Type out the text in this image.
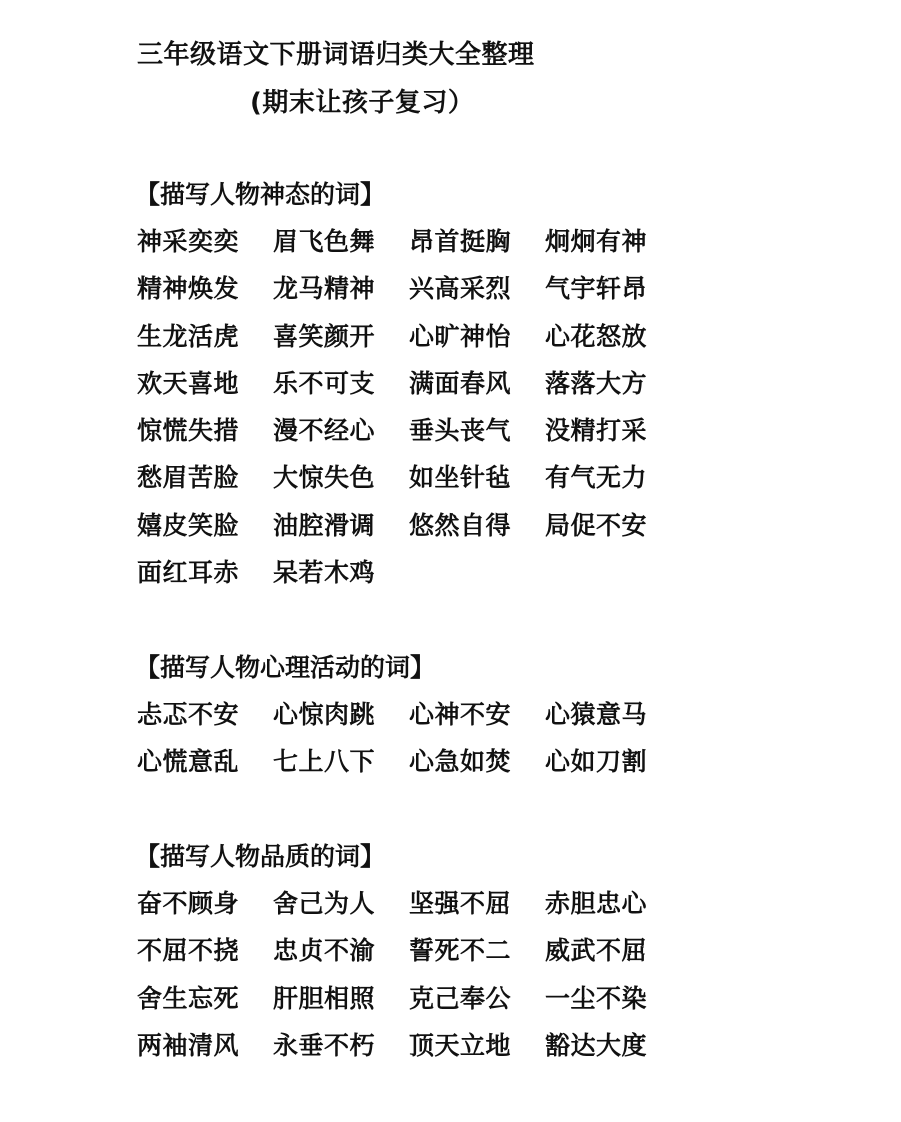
三年级语文下册词语归类大全整理
(期末让孩子复习）
【描写人物神态的词】
神采奕奕	眉飞色舞	昂首挺胸	炯炯有神
精神焕发	龙马精神	兴高采烈	气宇轩昂
生龙活虎	喜笑颜开	心旷神怡	心花怒放
欢天喜地	乐不可支	满面春风	落落大方
惊慌失措	漫不经心	垂头丧气	没精打采
愁眉苦脸	大惊失色	如坐针毡	有气无力
嬉皮笑脸	油腔滑调	悠然自得	局促不安
面红耳赤	呆若木鸡
【描写人物心理活动的词】
忐忑不安	心惊肉跳	心神不安	心猿意马
心慌意乱	七上八下	心急如焚	心如刀割
【描写人物品质的词】
奋不顾身	舍己为人	坚强不屈	赤胆忠心
不屈不挠	忠贞不渝	誓死不二	威武不屈
舍生忘死	肝胆相照	克己奉公	一尘不染
两袖清风	永垂不朽	顶天立地	豁达大度
